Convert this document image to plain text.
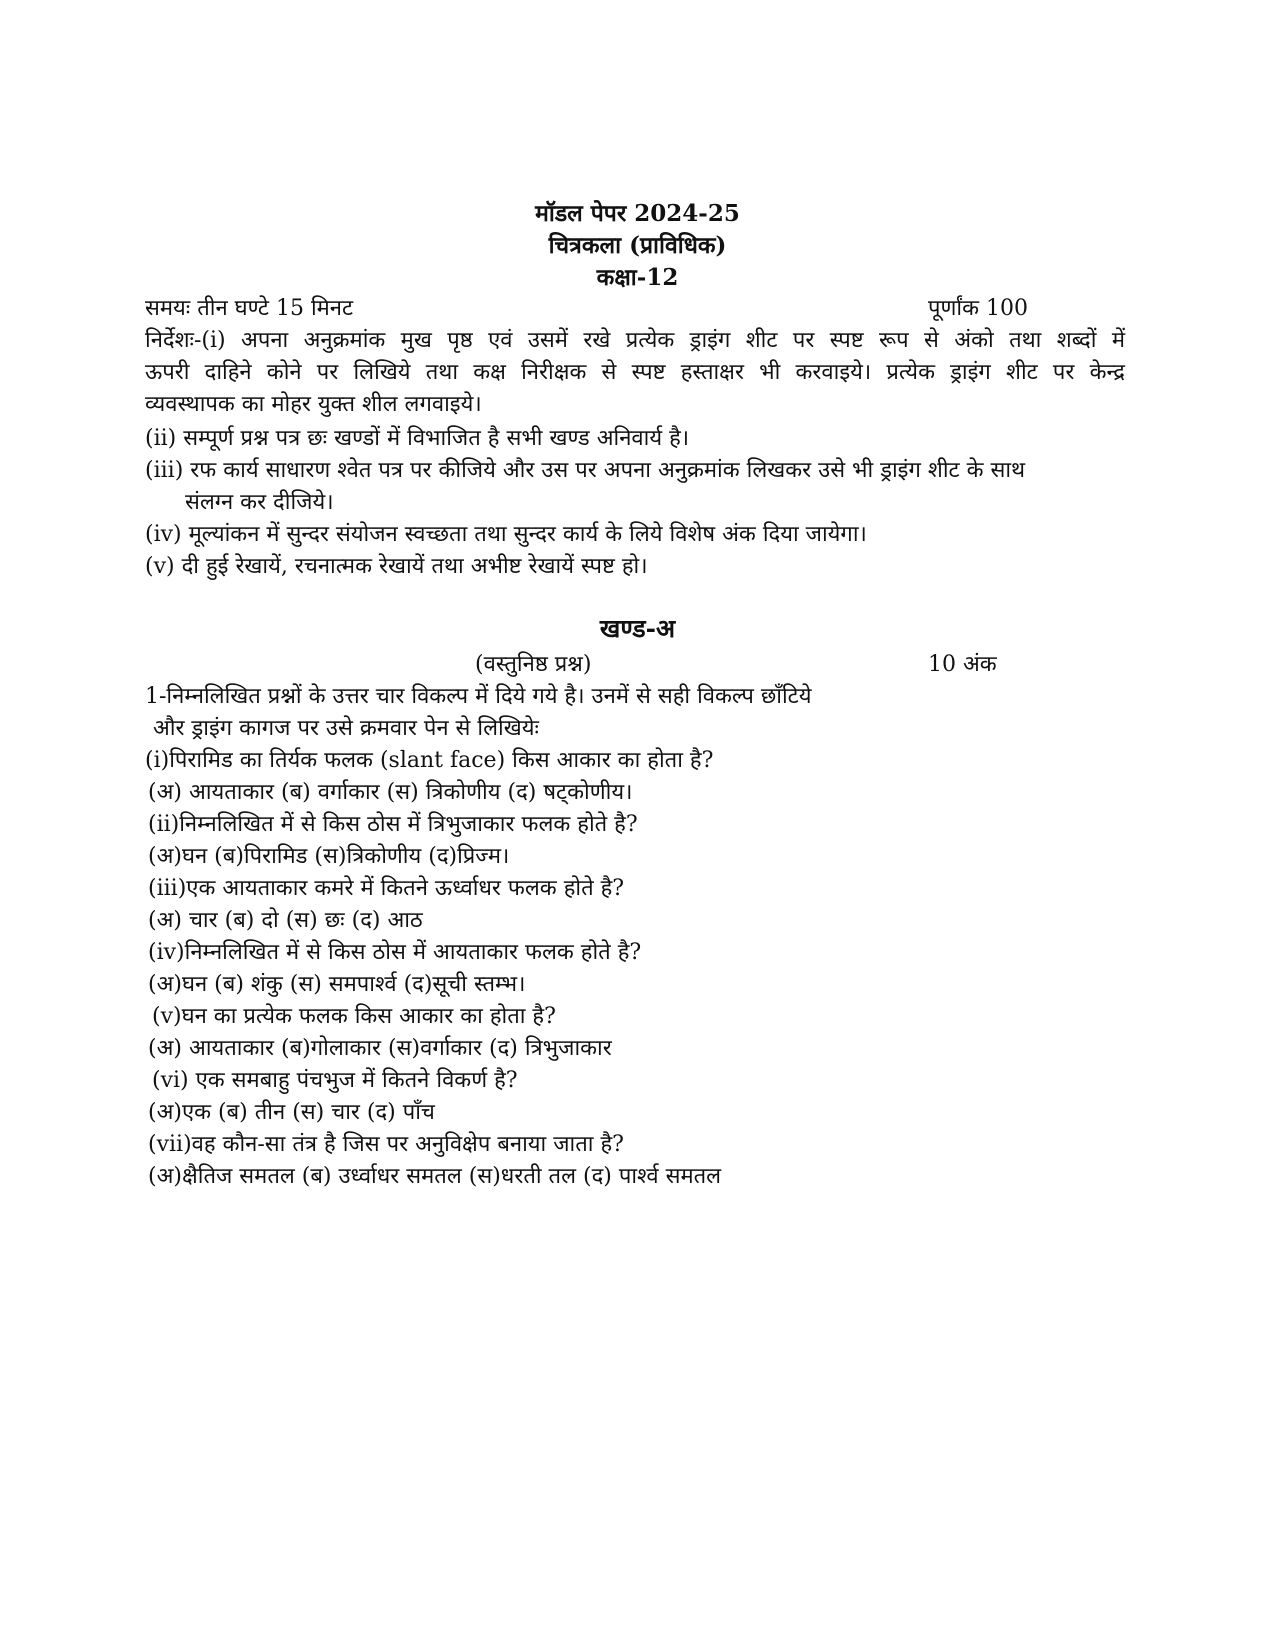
मॉडल पेपर 2024-25
चित्रकला (प्राविधिक)
कक्षा-12
समयः तीन घण्टे 15 मिनट	पूर्णांक 100
निर्देशः-(i) अपना अनुक्रमांक मुख पृष्ठ एवं उसमें रखे प्रत्येक ड्राइंग शीट पर स्पष्ट रूप से अंको तथा शब्दों में
ऊपरी दाहिने कोने पर लिखिये तथा कक्ष निरीक्षक से स्पष्ट हस्ताक्षर भी करवाइये। प्रत्येक ड्राइंग शीट पर केन्द्र
व्यवस्थापक का मोहर युक्त शील लगवाइये।
(ii) सम्पूर्ण प्रश्न पत्र छः खण्डों में विभाजित है सभी खण्ड अनिवार्य है।
(iii) रफ कार्य साधारण श्वेत पत्र पर कीजिये और उस पर अपना अनुक्रमांक लिखकर उसे भी ड्राइंग शीट के साथ
संलग्न कर दीजिये।
(iv) मूल्यांकन में सुन्दर संयोजन स्वच्छता तथा सुन्दर कार्य के लिये विशेष अंक दिया जायेगा।
(v) दी हुई रेखायें, रचनात्मक रेखायें तथा अभीष्ट रेखायें स्पष्ट हो।
खण्ड-अ
(वस्तुनिष्ठ प्रश्न)	10 अंक
1-निम्नलिखित प्रश्नों के उत्तर चार विकल्प में दिये गये है। उनमें से सही विकल्प छाँटिये
और ड्राइंग कागज पर उसे क्रमवार पेन से लिखियेः
(i)पिरामिड का तिर्यक फलक (slant face) किस आकार का होता है?
(अ) आयताकार (ब) वर्गाकार (स) त्रिकोणीय (द) षट्कोणीय।
(ii)निम्नलिखित में से किस ठोस में त्रिभुजाकार फलक होते है?
(अ)घन (ब)पिरामिड (स)त्रिकोणीय (द)प्रिज्म।
(iii)एक आयताकार कमरे में कितने ऊर्ध्वाधर फलक होते है?
(अ) चार (ब) दो (स) छः (द) आठ
(iv)निम्नलिखित में से किस ठोस में आयताकार फलक होते है?
(अ)घन (ब) शंकु (स) समपार्श्व (द)सूची स्तम्भ।
(v)घन का प्रत्येक फलक किस आकार का होता है?
(अ) आयताकार (ब)गोलाकार (स)वर्गाकार (द) त्रिभुजाकार
(vi) एक समबाहु पंचभुज में कितने विकर्ण है?
(अ)एक (ब) तीन (स) चार (द) पाँच
(vii)वह कौन-सा तंत्र है जिस पर अनुविक्षेप बनाया जाता है?
(अ)क्षैतिज समतल (ब) उर्ध्वाधर समतल (स)धरती तल (द) पार्श्व समतल
